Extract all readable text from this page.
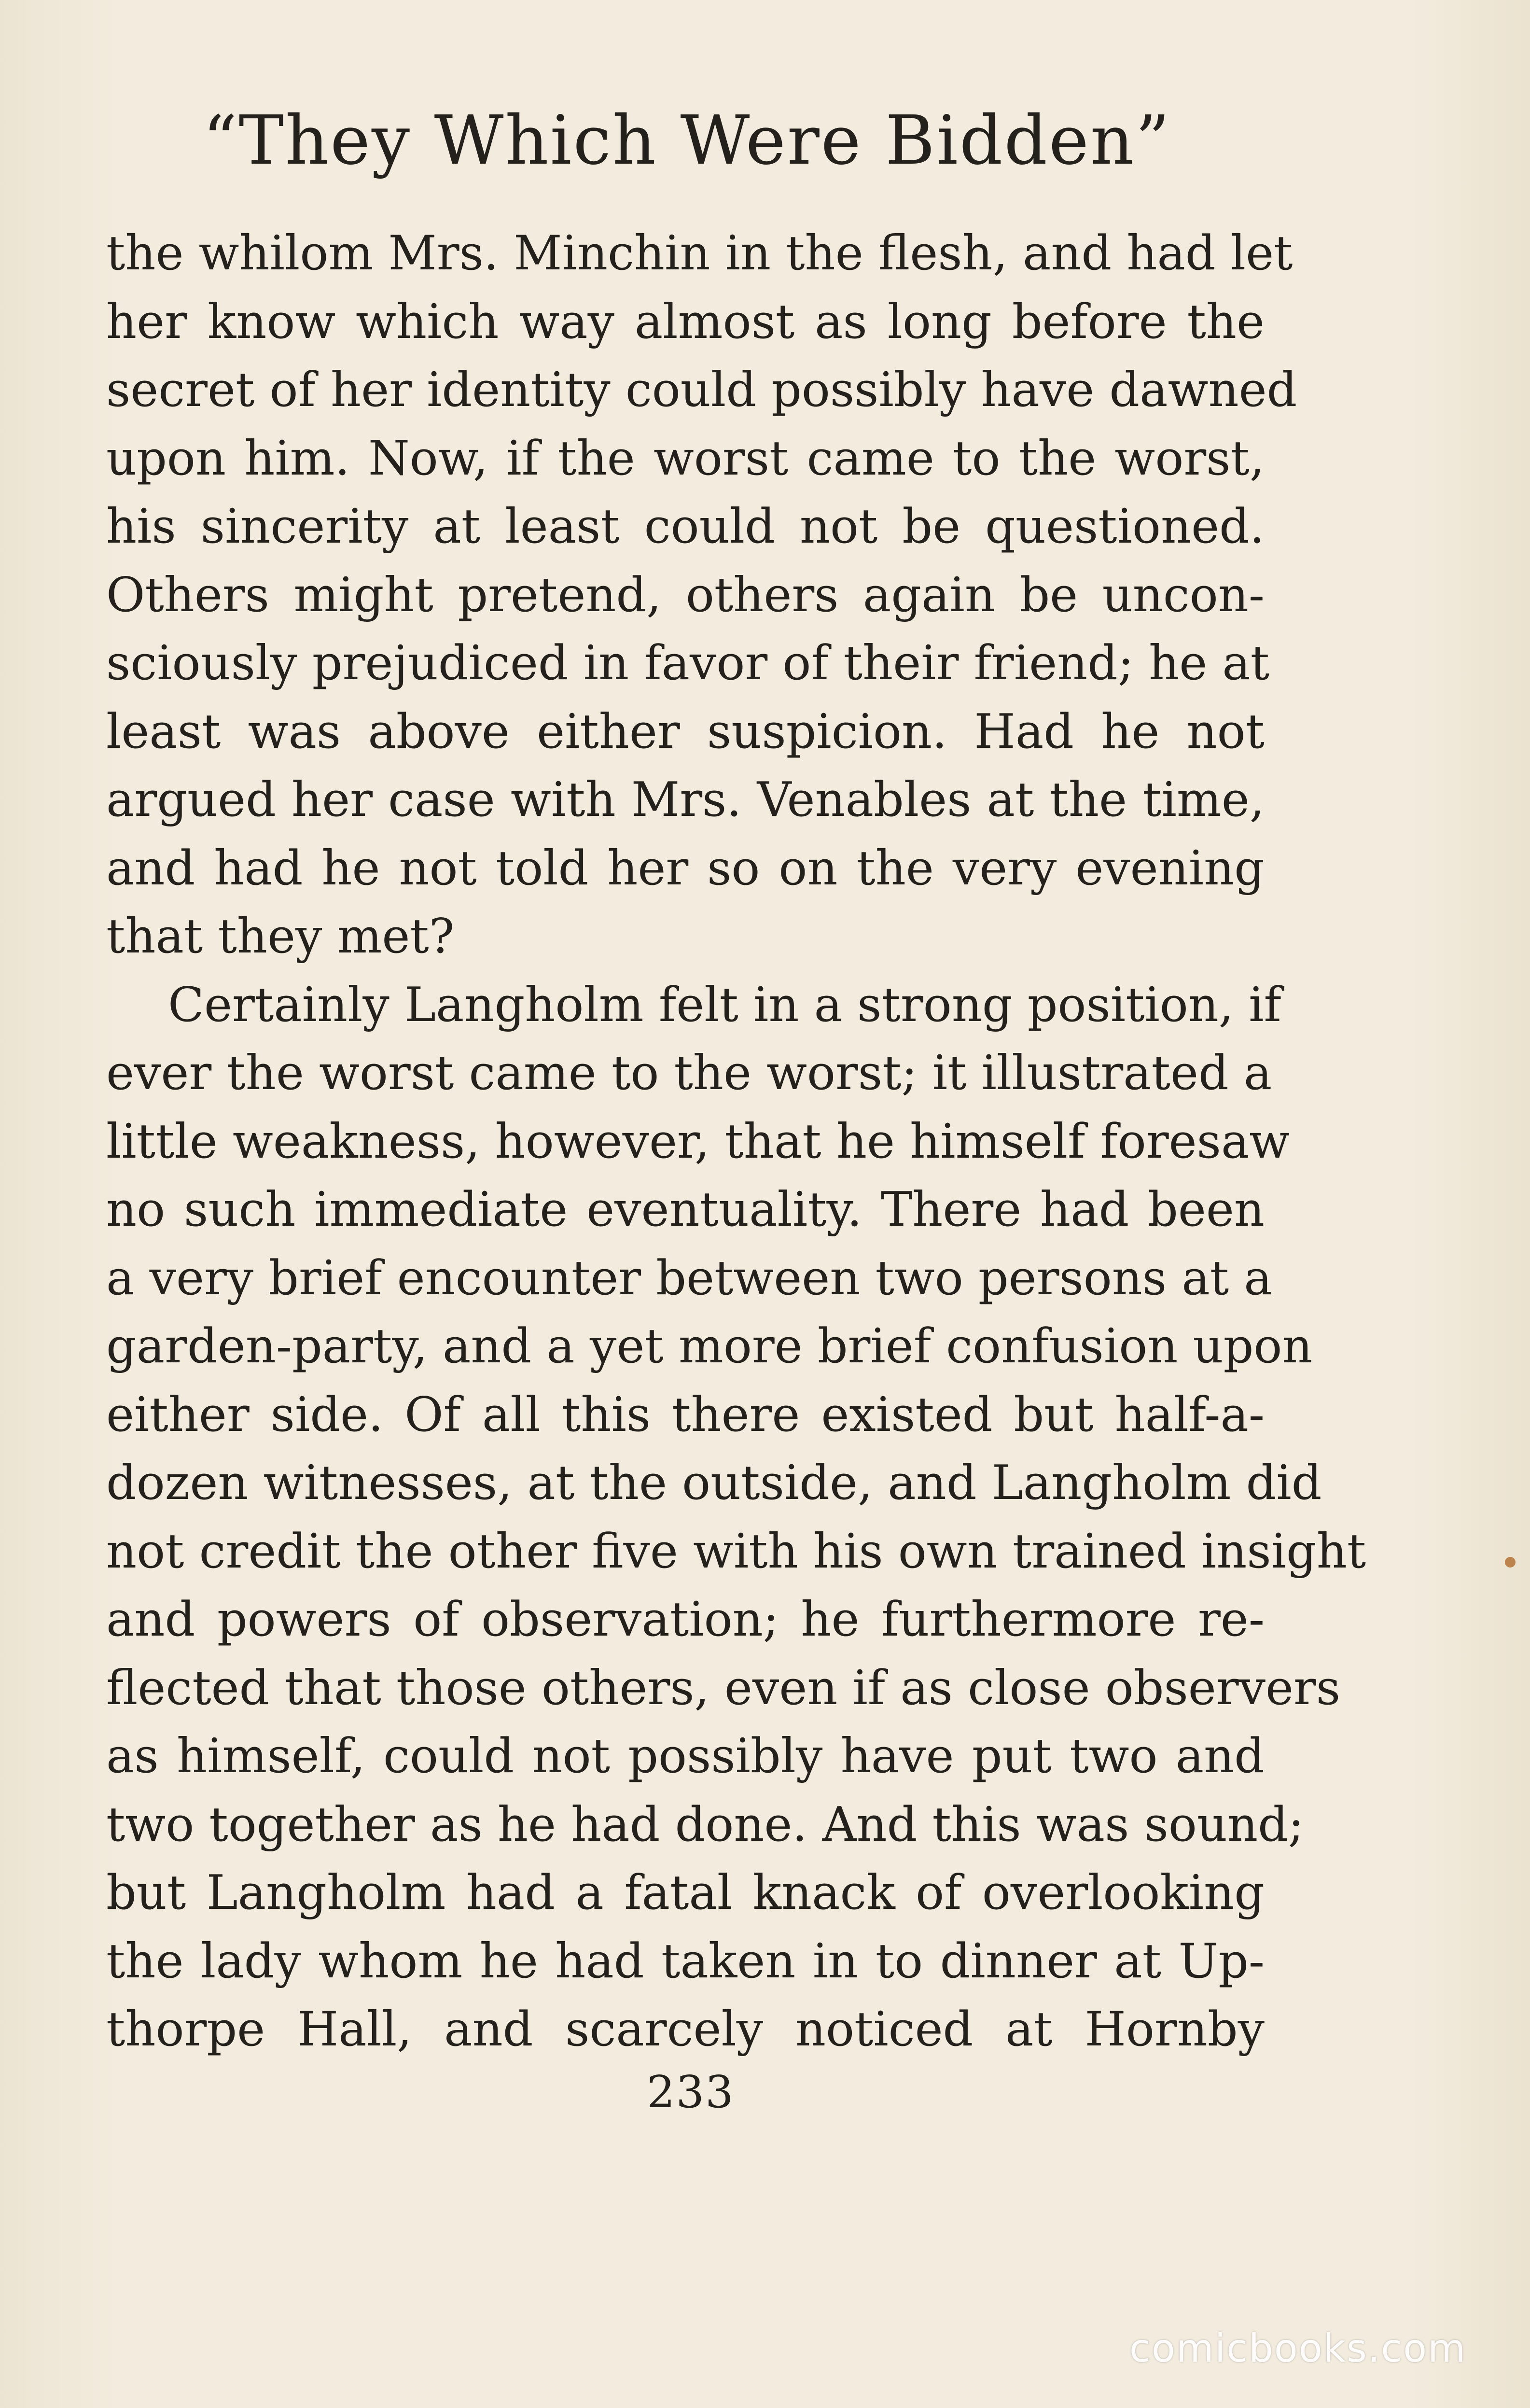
“They Which Were Bidden”
the whilom Mrs. Minchin in the flesh, and had let
her know which way almost as long before the
secret of her identity could possibly have dawned
upon him. Now, if the worst came to the worst,
his sincerity at least could not be questioned.
Others might pretend, others again be uncon-
sciously prejudiced in favor of their friend; he at
least was above either suspicion. Had he not
argued her case with Mrs. Venables at the time,
and had he not told her so on the very evening
that they met?
Certainly Langholm felt in a strong position, if
ever the worst came to the worst; it illustrated a
little weakness, however, that he himself foresaw
no such immediate eventuality. There had been
a very brief encounter between two persons at a
garden-party, and a yet more brief confusion upon
either side. Of all this there existed but half-a-
dozen witnesses, at the outside, and Langholm did
not credit the other five with his own trained insight
and powers of observation; he furthermore re-
flected that those others, even if as close observers
as himself, could not possibly have put two and
two together as he had done. And this was sound;
but Langholm had a fatal knack of overlooking
the lady whom he had taken in to dinner at Up-
thorpe Hall, and scarcely noticed at Hornby
233
comicbooks.com
